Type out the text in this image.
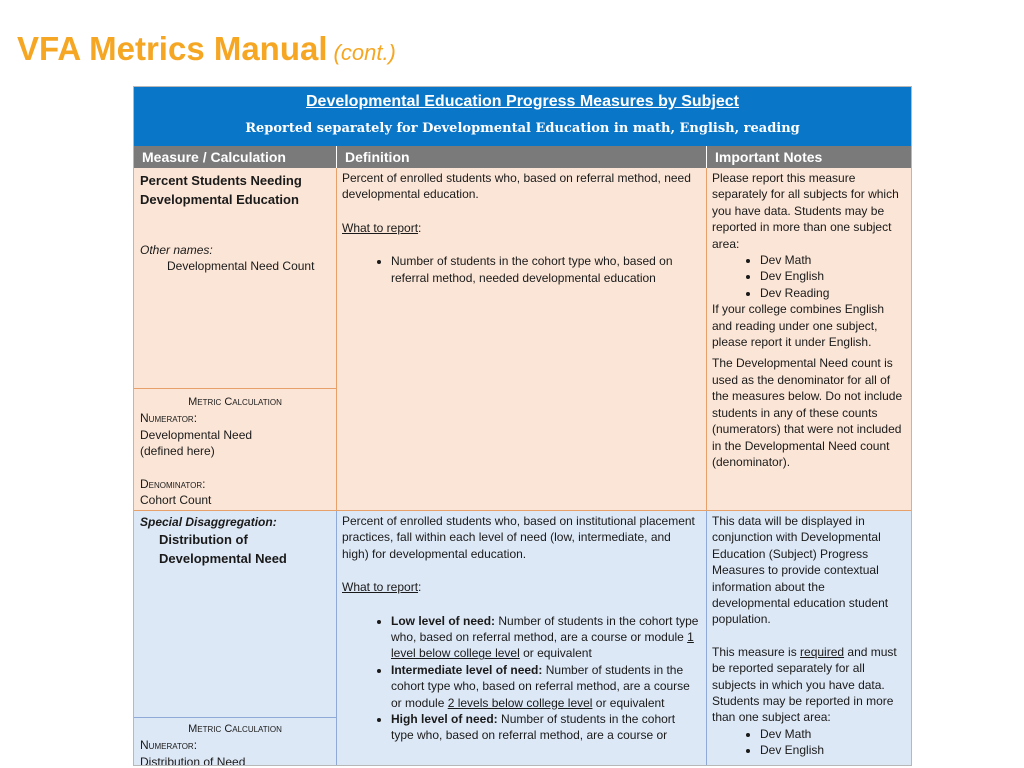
VFA Metrics Manual (cont.)
Developmental Education Progress Measures by Subject
Reported separately for Developmental Education in math, English, reading
Measure / Calculation	Definition	Important Notes

Percent Students Needing

Developmental Education

Other names:

Developmental Need Count

Metric Calculation

Numerator:

Developmental Need

(defined here)

Denominator:

Cohort Count

Percent of enrolled students who, based on referral method, need developmental education.

What to report:

• Number of students in the cohort type who, based on referral method, needed developmental education

Please report this measure separately for all subjects for which you have data. Students may be reported in more than one subject area:

• Dev Math
• Dev English
• Dev Reading

If your college combines English and reading under one subject, please report it under English.

The Developmental Need count is used as the denominator for all of the measures below. Do not include students in any of these counts (numerators) that were not included in the Developmental Need count (denominator).

Special Disaggregation:

Distribution of

Developmental Need

Metric Calculation

Numerator:

Distribution of Need

Percent of enrolled students who, based on institutional placement practices, fall within each level of need (low, intermediate, and high) for developmental education.

What to report:

• Low level of need: Number of students in the cohort type who, based on referral method, are a course or module 1 level below college level or equivalent
• Intermediate level of need: Number of students in the cohort type who, based on referral method, are a course or module 2 levels below college level or equivalent
• High level of need: Number of students in the cohort type who, based on referral method, are a course or

This data will be displayed in conjunction with Developmental Education (Subject) Progress Measures to provide contextual information about the developmental education student population.

This measure is required and must be reported separately for all subjects in which you have data. Students may be reported in more than one subject area:

• Dev Math
• Dev English
